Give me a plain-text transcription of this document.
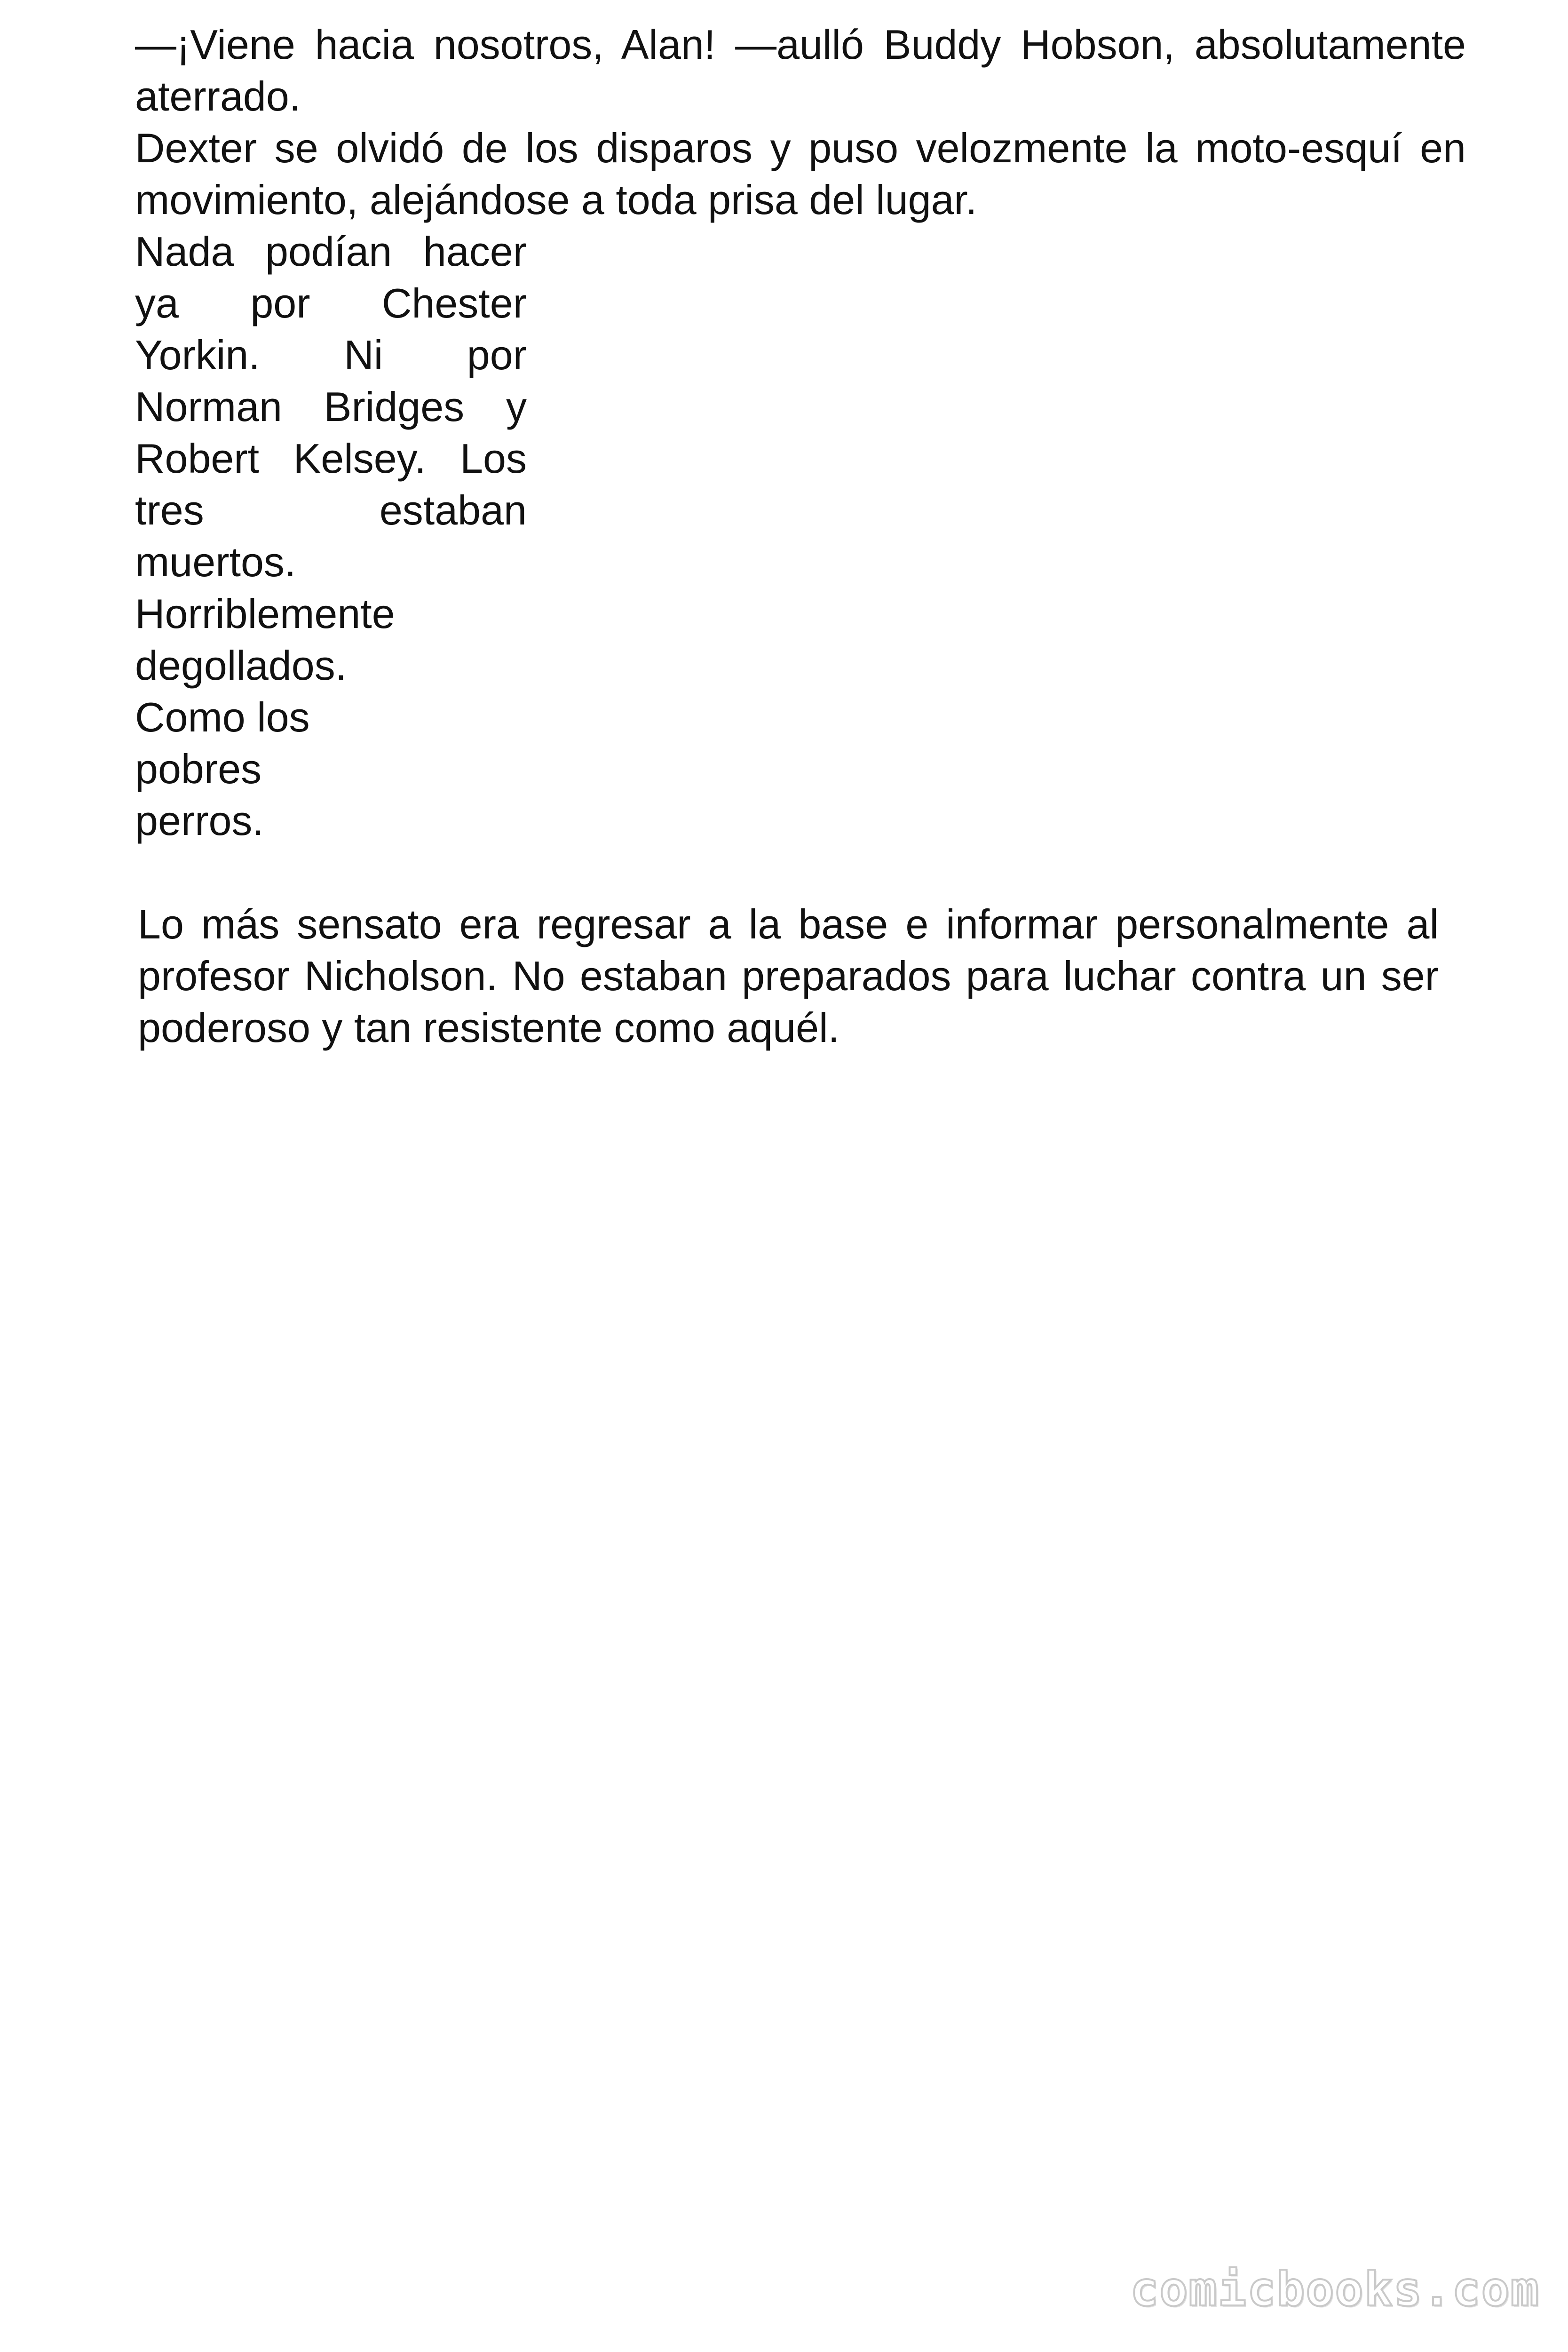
—¡Viene hacia nosotros, Alan! —aulló Buddy Hobson, absolutamente aterrado.

Dexter se olvidó de los disparos y puso velozmente la moto-esquí en movimiento, alejándose a toda prisa del lugar.

Nada podían hacer ya por Chester Yorkin. Ni por Norman Bridges y Robert Kelsey. Los tres estaban muertos.

Horriblemente degollados.

Como los pobres perros.

Lo más sensato era regresar a la base e informar personalmente al profesor Nicholson. No estaban preparados para luchar contra un ser poderoso y tan resistente como aquél.

comicbooks.com
